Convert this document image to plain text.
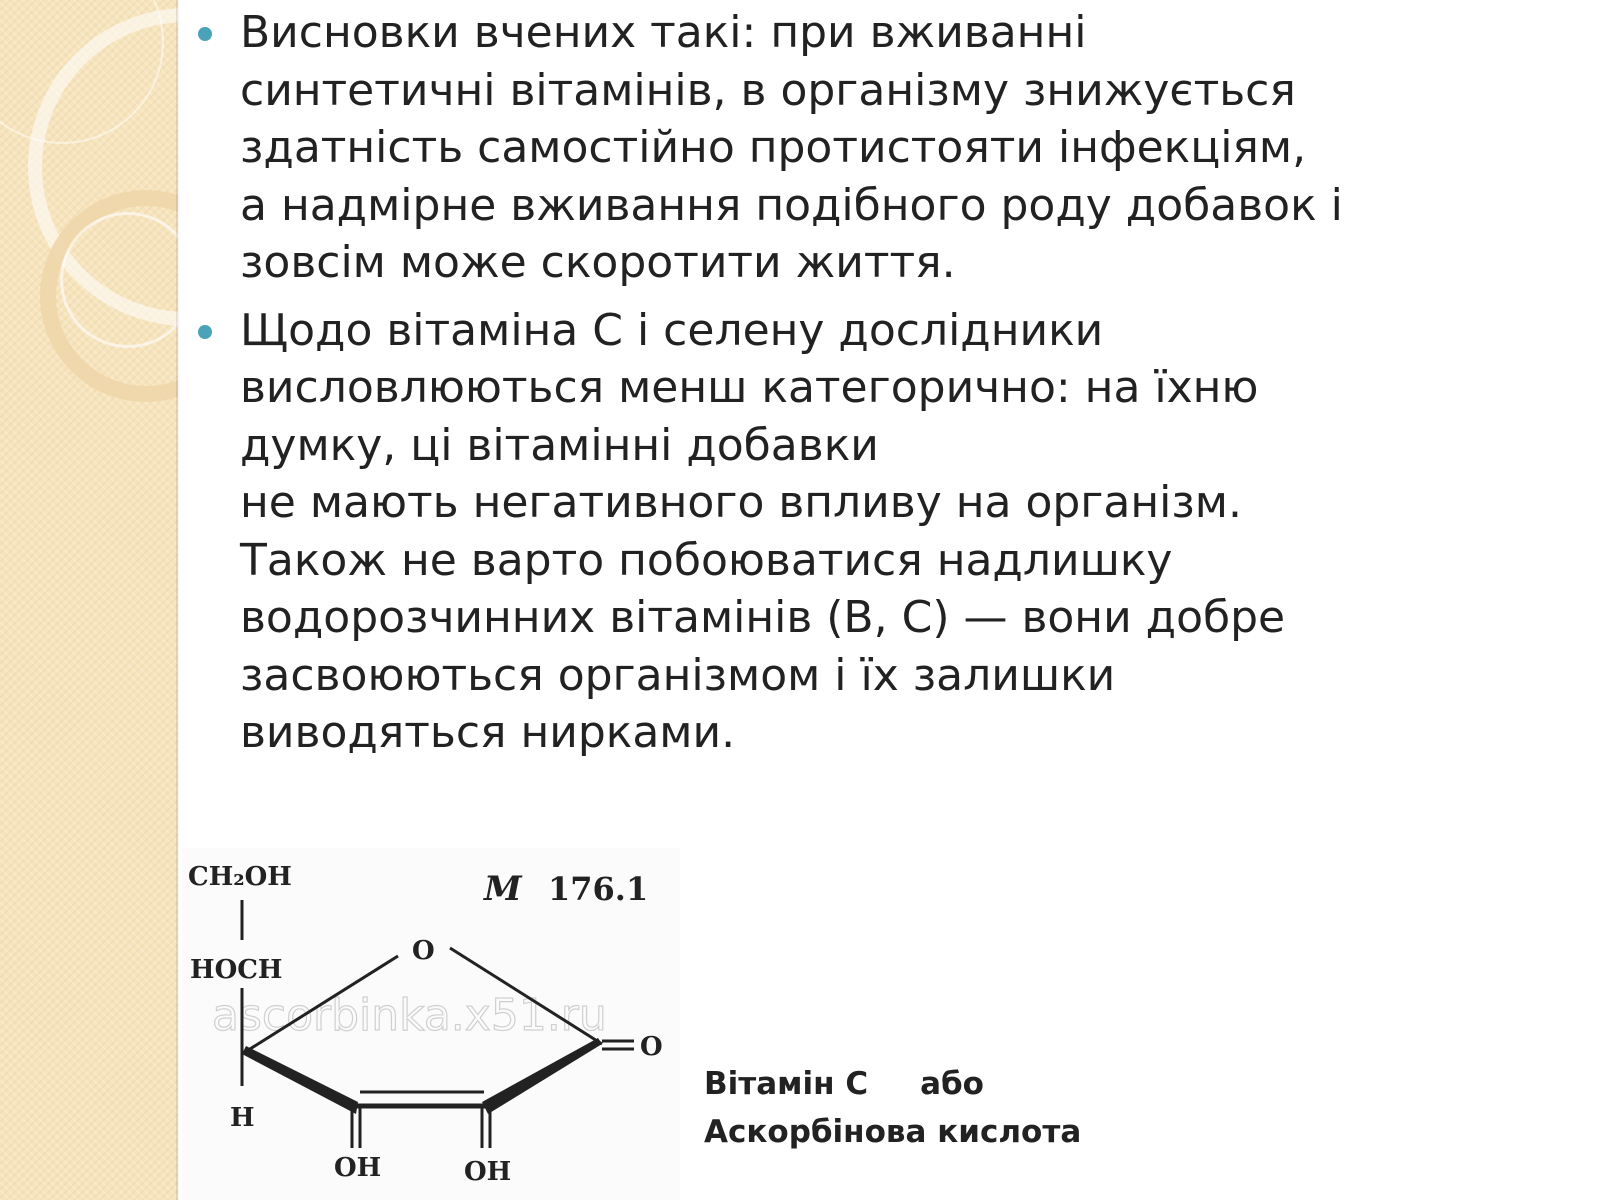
Висновки вчених такі: при вживанні
синтетичні вітамінів, в організму знижується
здатність самостійно протистояти інфекціям,
а надмірне вживання подібного роду добавок і
зовсім може скоротити життя.
Щодо вітаміна С і селену дослідники
висловлюються менш категорично: на їхню
думку, ці вітамінні добавки
не мають негативного впливу на організм.
Також не варто побоюватися надлишку
водорозчинних вітамінів (В, С) — вони добре
засвоюються організмом і їх залишки
виводяться нирками.
ascorbinka.x51.ru
CH₂OH
HOCH
O
O
H
OH	OH
M 176.1
Вітамін С або
Аскорбінова кислота
